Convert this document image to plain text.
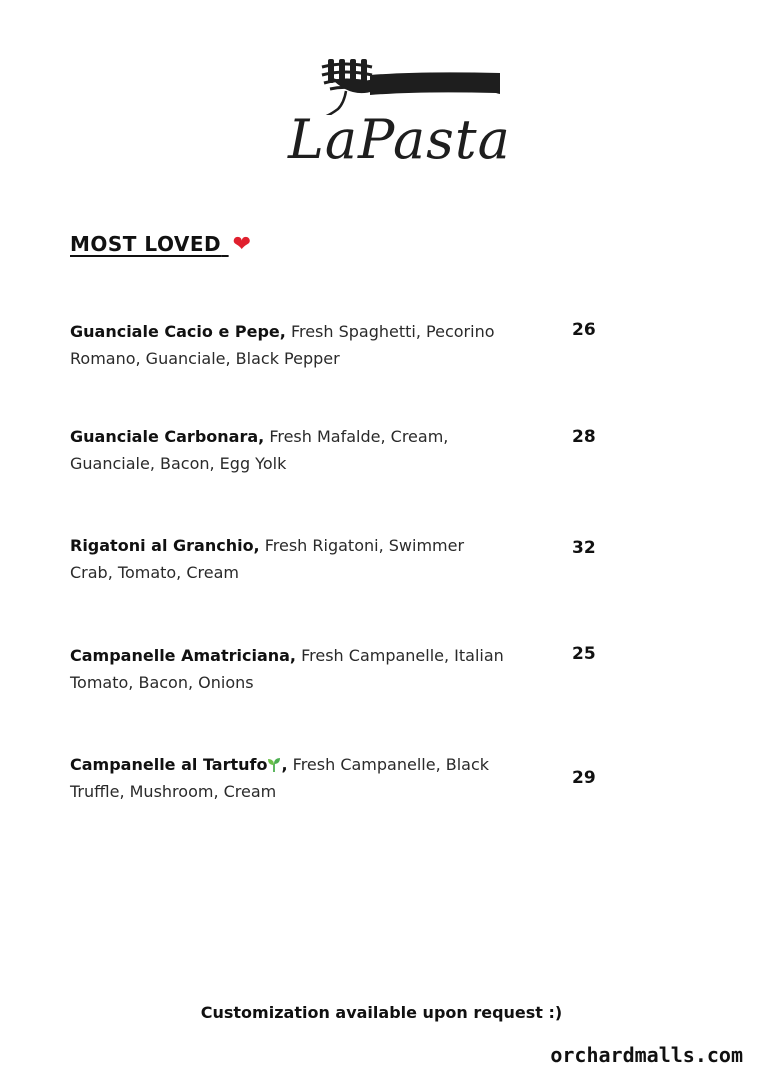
LaPasta
MOST LOVED ❤
Guanciale Cacio e Pepe, Fresh Spaghetti, Pecorino Romano, Guanciale, Black Pepper
26
Guanciale Carbonara, Fresh Mafalde, Cream, Guanciale, Bacon, Egg Yolk
28
Rigatoni al Granchio, Fresh Rigatoni, Swimmer Crab, Tomato, Cream
32
Campanelle Amatriciana, Fresh Campanelle, Italian Tomato, Bacon, Onions
25
Campanelle al Tartufo , Fresh Campanelle, Black Truffle, Mushroom, Cream
29
Customization available upon request :)
orchardmalls.com
